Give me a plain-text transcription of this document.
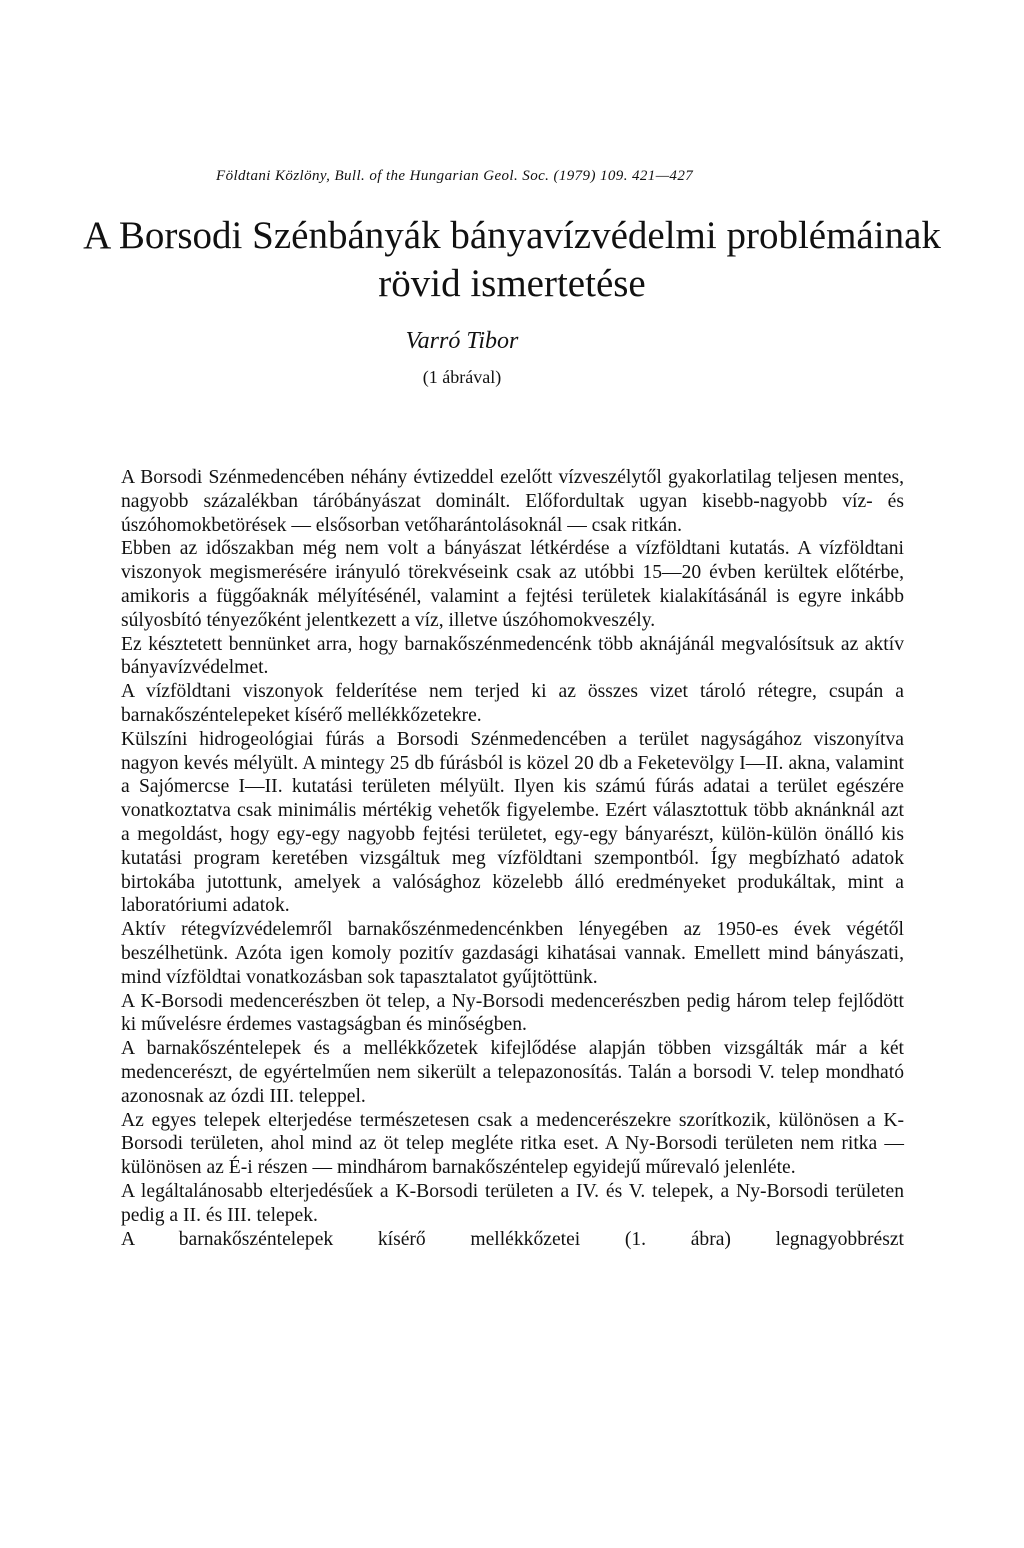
Földtani Közlöny, Bull. of the Hungarian Geol. Soc. (1979) 109. 421—427
A Borsodi Szénbányák bányavízvédelmi problémáinak rövid ismertetése
Varró Tibor
(1 ábrával)

A Borsodi Szénmedencében néhány évtizeddel ezelőtt vízveszélytől gyakorlatilag teljesen mentes, nagyobb százalékban táróbányászat dominált. Előfordultak ugyan kisebb-nagyobb víz- és úszóhomokbetörések — elsősorban vetőharántolásoknál — csak ritkán.

Ebben az időszakban még nem volt a bányászat létkérdése a vízföldtani kutatás. A vízföldtani viszonyok megismerésére irányuló törekvéseink csak az utóbbi 15—20 évben kerültek előtérbe, amikoris a függőaknák mélyítésénél, valamint a fejtési területek kialakításánál is egyre inkább súlyosbító tényezőként jelentkezett a víz, illetve úszóhomokveszély.

Ez késztetett bennünket arra, hogy barnakőszénmedencénk több aknájánál megvalósítsuk az aktív bányavízvédelmet.

A vízföldtani viszonyok felderítése nem terjed ki az összes vizet tároló rétegre, csupán a barnakőszéntelepeket kísérő mellékkőzetekre.

Külszíni hidrogeológiai fúrás a Borsodi Szénmedencében a terület nagyságához viszonyítva nagyon kevés mélyült. A mintegy 25 db fúrásból is közel 20 db a Feketevölgy I—II. akna, valamint a Sajómercse I—II. kutatási területen mélyült. Ilyen kis számú fúrás adatai a terület egészére vonatkoztatva csak minimális mértékig vehetők figyelembe. Ezért választottuk több aknánknál azt a megoldást, hogy egy-egy nagyobb fejtési területet, egy-egy bányarészt, külön-külön önálló kis kutatási program keretében vizsgáltuk meg vízföldtani szempontból. Így megbízható adatok birtokába jutottunk, amelyek a valósághoz közelebb álló eredményeket produkáltak, mint a laboratóriumi adatok.

Aktív rétegvízvédelemről barnakőszénmedencénkben lényegében az 1950-es évek végétől beszélhetünk. Azóta igen komoly pozitív gazdasági kihatásai vannak. Emellett mind bányászati, mind vízföldtai vonatkozásban sok tapasztalatot gyűjtöttünk.

A K-Borsodi medencerészben öt telep, a Ny-Borsodi medencerészben pedig három telep fejlődött ki művelésre érdemes vastagságban és minőségben.

A barnakőszéntelepek és a mellékkőzetek kifejlődése alapján többen vizsgálták már a két medencerészt, de egyértelműen nem sikerült a telepazonosítás. Talán a borsodi V. telep mondható azonosnak az ózdi III. teleppel.

Az egyes telepek elterjedése természetesen csak a medencerészekre szorítkozik, különösen a K-Borsodi területen, ahol mind az öt telep megléte ritka eset. A Ny-Borsodi területen nem ritka — különösen az É-i részen — mindhárom barnakőszéntelep egyidejű műrevaló jelenléte.

A legáltalánosabb elterjedésűek a K-Borsodi területen a IV. és V. telepek, a Ny-Borsodi területen pedig a II. és III. telepek.

A barnakőszéntelepek kísérő mellékkőzetei (1. ábra) legnagyobbrészt
